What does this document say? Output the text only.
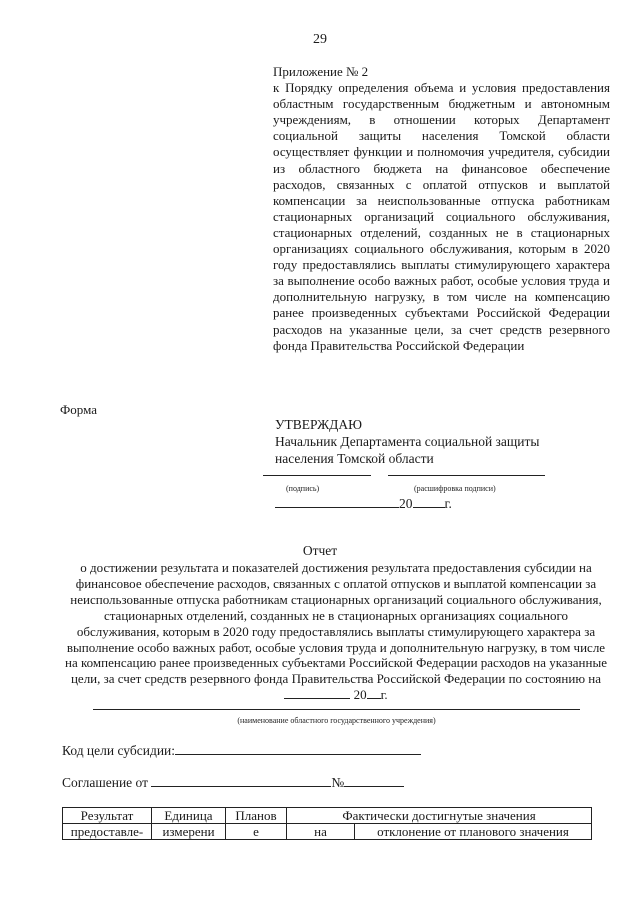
29
Приложение № 2
к Порядку определения объема и условия предоставления областным государственным бюджетным и автономным учреждениям, в отношении которых Департамент социальной защиты населения Томской области осуществляет функции и полномочия учредителя, субсидии из областного бюджета на финансовое обеспечение расходов, связанных с оплатой отпусков и выплатой компенсации за неиспользованные отпуска работникам стационарных организаций социального обслуживания, стационарных отделений, созданных не в стационарных организациях социального обслуживания, которым в 2020 году предоставлялись выплаты стимулирующего характера за выполнение особо важных работ, особые условия труда и дополнительную нагрузку, в том числе на компенсацию ранее произведенных субъектами Российской Федерации расходов на указанные цели, за счет средств резервного фонда Правительства Российской Федерации
Форма
УТВЕРЖДАЮ
Начальник Департамента социальной защиты
населения Томской области
(подпись)	(расшифровка подписи)
20 г.
Отчет
о достижении результата и показателей достижения результата предоставления субсидии на финансовое обеспечение расходов, связанных с оплатой отпусков и выплатой компенсации за неиспользованные отпуска работникам стационарных организаций социального обслуживания, стационарных отделений, созданных не в стационарных организациях социального обслуживания, которым в 2020 году предоставлялись выплаты стимулирующего характера за выполнение особо важных работ, особые условия труда и дополнительную нагрузку, в том числе на компенсацию ранее произведенных субъектами Российской Федерации расходов на указанные цели, за счет средств резервного фонда Правительства Российской Федерации по состоянию на  20 г.
(наименование областного государственного учреждения)
Код цели субсидии:
Соглашение от	№
Результат	Единица	Планов	Фактически достигнутые значения	
предоставле-	измерени	е	на	отклонение от планового значения
